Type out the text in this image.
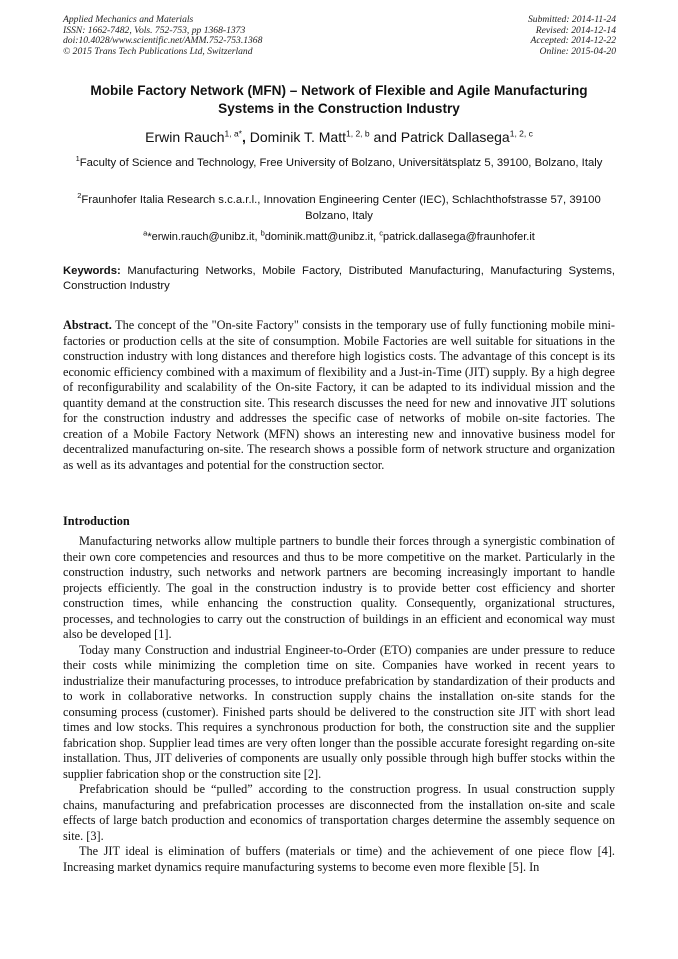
Applied Mechanics and Materials
ISSN: 1662-7482, Vols. 752-753, pp 1368-1373
doi:10.4028/www.scientific.net/AMM.752-753.1368
© 2015 Trans Tech Publications Ltd, Switzerland
Submitted: 2014-11-24
Revised: 2014-12-14
Accepted: 2014-12-22
Online: 2015-04-20
Mobile Factory Network (MFN) – Network of Flexible and Agile Manufacturing Systems in the Construction Industry
Erwin Rauch$^{1, a*}$, Dominik T. Matt$^{1, 2, b}$ and Patrick Dallasega$^{1, 2, c}$
$^1$Faculty of Science and Technology, Free University of Bolzano, Universitätsplatz 5, 39100, Bolzano, Italy
$^2$Fraunhofer Italia Research s.c.a.r.l., Innovation Engineering Center (IEC), Schlachthofstrasse 57, 39100 Bolzano, Italy
$^a$*erwin.rauch@unibz.it, $^b$dominik.matt@unibz.it, $^c$patrick.dallasega@fraunhofer.it
Keywords: Manufacturing Networks, Mobile Factory, Distributed Manufacturing, Manufacturing Systems, Construction Industry
Abstract. The concept of the "On-site Factory" consists in the temporary use of fully functioning mobile mini-factories or production cells at the site of consumption. Mobile Factories are well suitable for situations in the construction industry with long distances and therefore high logistics costs. The advantage of this concept is its economic efficiency combined with a maximum of flexibility and a Just-in-Time (JIT) supply. By a high degree of reconfigurability and scalability of the On-site Factory, it can be adapted to its individual mission and the quantity demand at the construction site. This research discusses the need for new and innovative JIT solutions for the construction industry and addresses the specific case of networks of mobile on-site factories. The creation of a Mobile Factory Network (MFN) shows an interesting new and innovative business model for decentralized manufacturing on-site. The research shows a possible form of network structure and organization as well as its advantages and potential for the construction sector.
Introduction

Manufacturing networks allow multiple partners to bundle their forces through a synergistic combination of their own core competencies and resources and thus to be more competitive on the market. Particularly in the construction industry, such networks and network partners are becoming increasingly important to handle projects efficiently. The goal in the construction industry is to provide better cost efficiency and shorter construction times, while enhancing the construction quality. Consequently, organizational structures, processes, and technologies to carry out the construction of buildings in an efficient and economical way must also be developed [1].

Today many Construction and industrial Engineer-to-Order (ETO) companies are under pressure to reduce their costs while minimizing the completion time on site. Companies have worked in recent years to industrialize their manufacturing processes, to introduce prefabrication by standardization of their products and to work in collaborative networks. In construction supply chains the installation on-site stands for the consuming process (customer). Finished parts should be delivered to the construction site JIT with short lead times and low stocks. This requires a synchronous production for both, the construction site and the supplier fabrication shop. Supplier lead times are very often longer than the possible accurate foresight regarding on-site installation. Thus, JIT deliveries of components are usually only possible through high buffer stocks within the supplier fabrication shop or the construction site [2].

Prefabrication should be “pulled” according to the construction progress. In usual construction supply chains, manufacturing and prefabrication processes are disconnected from the installation on-site and scale effects of large batch production and economics of transportation charges determine the assembly sequence on site. [3].

The JIT ideal is elimination of buffers (materials or time) and the achievement of one piece flow [4]. Increasing market dynamics require manufacturing systems to become even more flexible [5]. In
